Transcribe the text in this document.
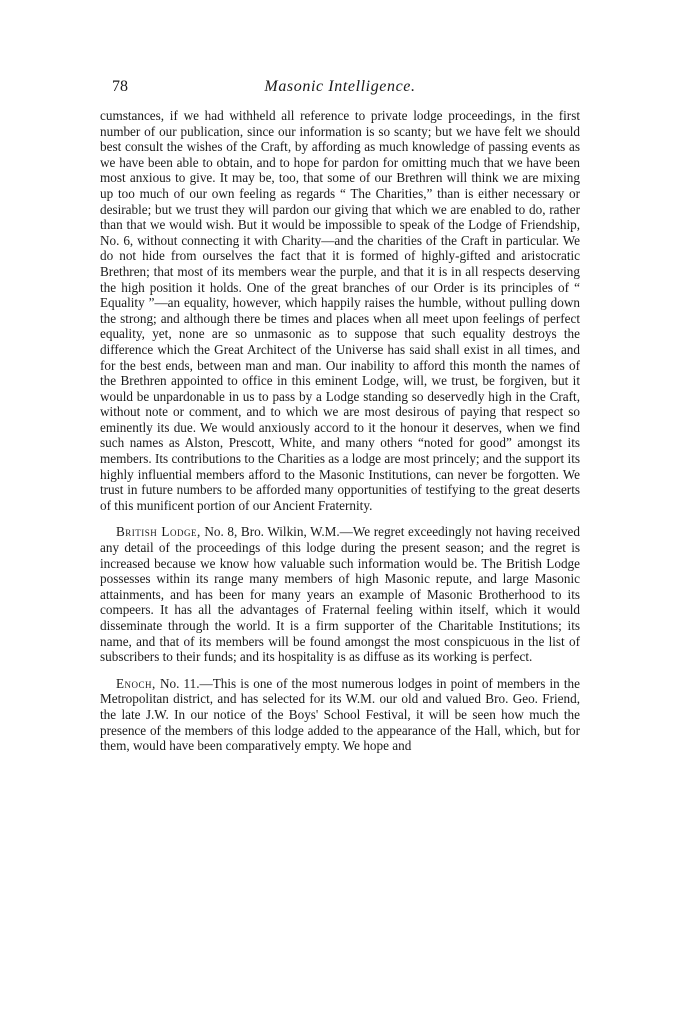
78	Masonic Intelligence.

cumstances, if we had withheld all reference to private lodge proceedings, in the first number of our publication, since our information is so scanty; but we have felt we should best consult the wishes of the Craft, by affording as much knowledge of passing events as we have been able to obtain, and to hope for pardon for omitting much that we have been most anxious to give. It may be, too, that some of our Brethren will think we are mixing up too much of our own feeling as regards “ The Charities,” than is either necessary or desirable; but we trust they will pardon our giving that which we are enabled to do, rather than that we would wish. But it would be impossible to speak of the Lodge of Friendship, No. 6, without connecting it with Charity—and the charities of the Craft in particular. We do not hide from ourselves the fact that it is formed of highly-gifted and aristocratic Brethren; that most of its members wear the purple, and that it is in all respects deserving the high position it holds. One of the great branches of our Order is its principles of “ Equality ”—an equality, however, which happily raises the humble, without pulling down the strong; and although there be times and places when all meet upon feelings of perfect equality, yet, none are so unmasonic as to suppose that such equality destroys the difference which the Great Architect of the Universe has said shall exist in all times, and for the best ends, between man and man. Our inability to afford this month the names of the Brethren appointed to office in this eminent Lodge, will, we trust, be forgiven, but it would be unpardonable in us to pass by a Lodge standing so deservedly high in the Craft, without note or comment, and to which we are most desirous of paying that respect so eminently its due. We would anxiously accord to it the honour it deserves, when we find such names as Alston, Prescott, White, and many others “noted for good” amongst its members. Its contributions to the Charities as a lodge are most princely; and the support its highly influential members afford to the Masonic Institutions, can never be forgotten. We trust in future numbers to be afforded many opportunities of testifying to the great deserts of this munificent portion of our Ancient Fraternity.

British Lodge, No. 8, Bro. Wilkin, W.M.—We regret exceedingly not having received any detail of the proceedings of this lodge during the present season; and the regret is increased because we know how valuable such information would be. The British Lodge possesses within its range many members of high Masonic repute, and large Masonic attainments, and has been for many years an example of Masonic Brotherhood to its compeers. It has all the advantages of Fraternal feeling within itself, which it would disseminate through the world. It is a firm supporter of the Charitable Institutions; its name, and that of its members will be found amongst the most conspicuous in the list of subscribers to their funds; and its hospitality is as diffuse as its working is perfect.

Enoch, No. 11.—This is one of the most numerous lodges in point of members in the Metropolitan district, and has selected for its W.M. our old and valued Bro. Geo. Friend, the late J.W. In our notice of the Boys' School Festival, it will be seen how much the presence of the members of this lodge added to the appearance of the Hall, which, but for them, would have been comparatively empty. We hope and
